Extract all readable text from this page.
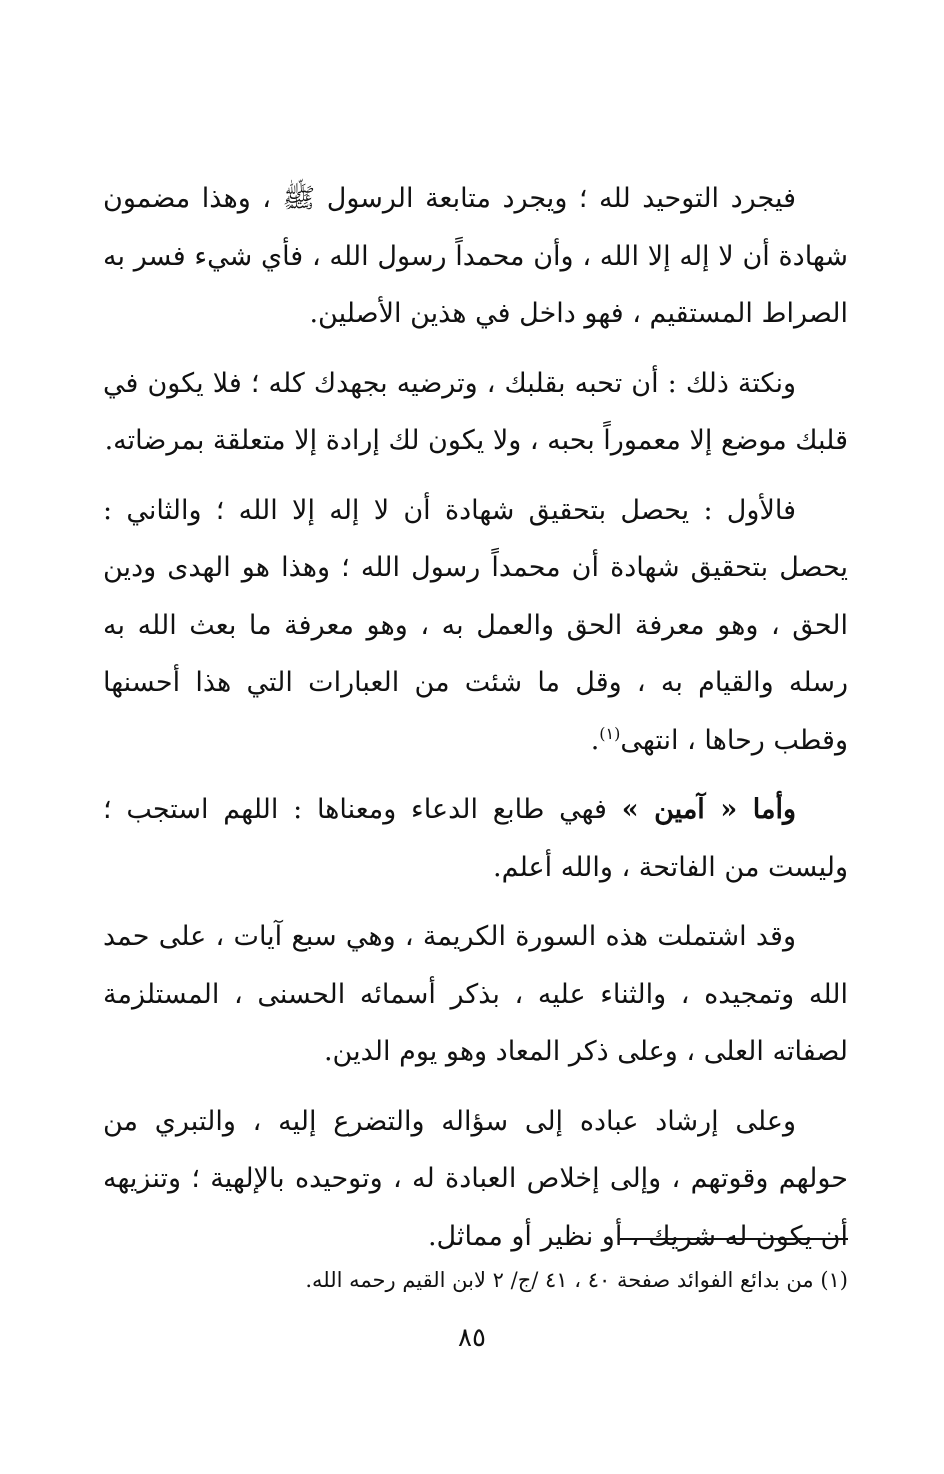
فيجرد التوحيد لله ؛ ويجرد متابعة الرسول ﷺ ، وهذا مضمون شهادة أن لا إله إلا الله ، وأن محمداً رسول الله ، فأي شيء فسر به الصراط المستقيم ، فهو داخل في هذين الأصلين.

ونكتة ذلك : أن تحبه بقلبك ، وترضيه بجهدك كله ؛ فلا يكون في قلبك موضع إلا معموراً بحبه ، ولا يكون لك إرادة إلا متعلقة بمرضاته.

فالأول : يحصل بتحقيق شهادة أن لا إله إلا الله ؛ والثاني : يحصل بتحقيق شهادة أن محمداً رسول الله ؛ وهذا هو الهدى ودين الحق ، وهو معرفة الحق والعمل به ، وهو معرفة ما بعث الله به رسله والقيام به ، وقل ما شئت من العبارات التي هذا أحسنها وقطب رحاها ، انتهى$^{(١)}$.

وأما « آمين » فهي طابع الدعاء ومعناها : اللهم استجب ؛ وليست من الفاتحة ، والله أعلم.

وقد اشتملت هذه السورة الكريمة ، وهي سبع آيات ، على حمد الله وتمجيده ، والثناء عليه ، بذكر أسمائه الحسنى ، المستلزمة لصفاته العلى ، وعلى ذكر المعاد وهو يوم الدين.

وعلى إرشاد عباده إلى سؤاله والتضرع إليه ، والتبري من حولهم وقوتهم ، وإلى إخلاص العبادة له ، وتوحيده بالإلهية ؛ وتنزيهه أن يكون له شريك ، أو نظير أو مماثل.

(١) من بدائع الفوائد صفحة ٤٠ ، ٤١ /ج/ ٢ لابن القيم رحمه الله.
٨٥
